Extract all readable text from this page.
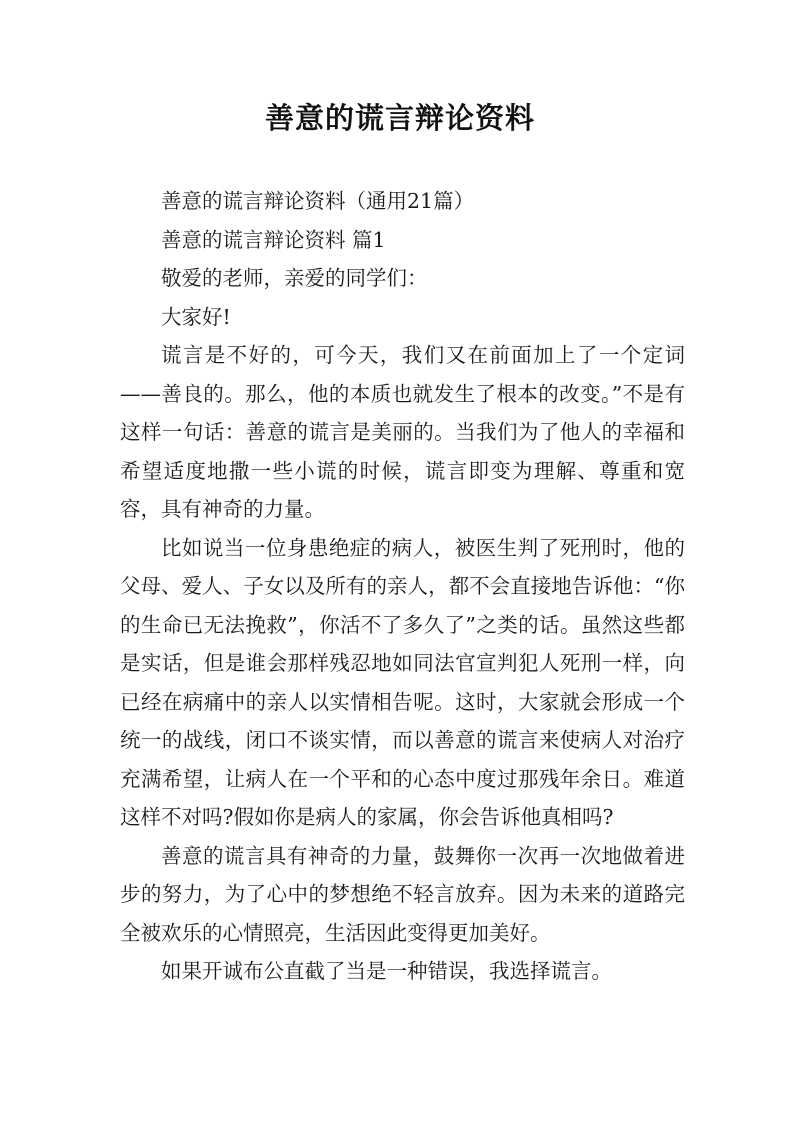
善意的谎言辩论资料

善意的谎言辩论资料（通用21篇）

善意的谎言辩论资料 篇1

敬爱的老师，亲爱的同学们：

大家好!

谎言是不好的，可今天，我们又在前面加上了一个定词——善良的。那么，他的本质也就发生了根本的改变。”不是有这样一句话：善意的谎言是美丽的。当我们为了他人的幸福和希望适度地撒一些小谎的时候，谎言即变为理解、尊重和宽容，具有神奇的力量。

比如说当一位身患绝症的病人，被医生判了死刑时，他的父母、爱人、子女以及所有的亲人，都不会直接地告诉他：“你的生命已无法挽救”，你活不了多久了”之类的话。虽然这些都是实话，但是谁会那样残忍地如同法官宣判犯人死刑一样，向已经在病痛中的亲人以实情相告呢。这时，大家就会形成一个统一的战线，闭口不谈实情，而以善意的谎言来使病人对治疗充满希望，让病人在一个平和的心态中度过那残年余日。难道这样不对吗?假如你是病人的家属，你会告诉他真相吗?

善意的谎言具有神奇的力量，鼓舞你一次再一次地做着进步的努力，为了心中的梦想绝不轻言放弃。因为未来的道路完全被欢乐的心情照亮，生活因此变得更加美好。

如果开诚布公直截了当是一种错误，我选择谎言。
